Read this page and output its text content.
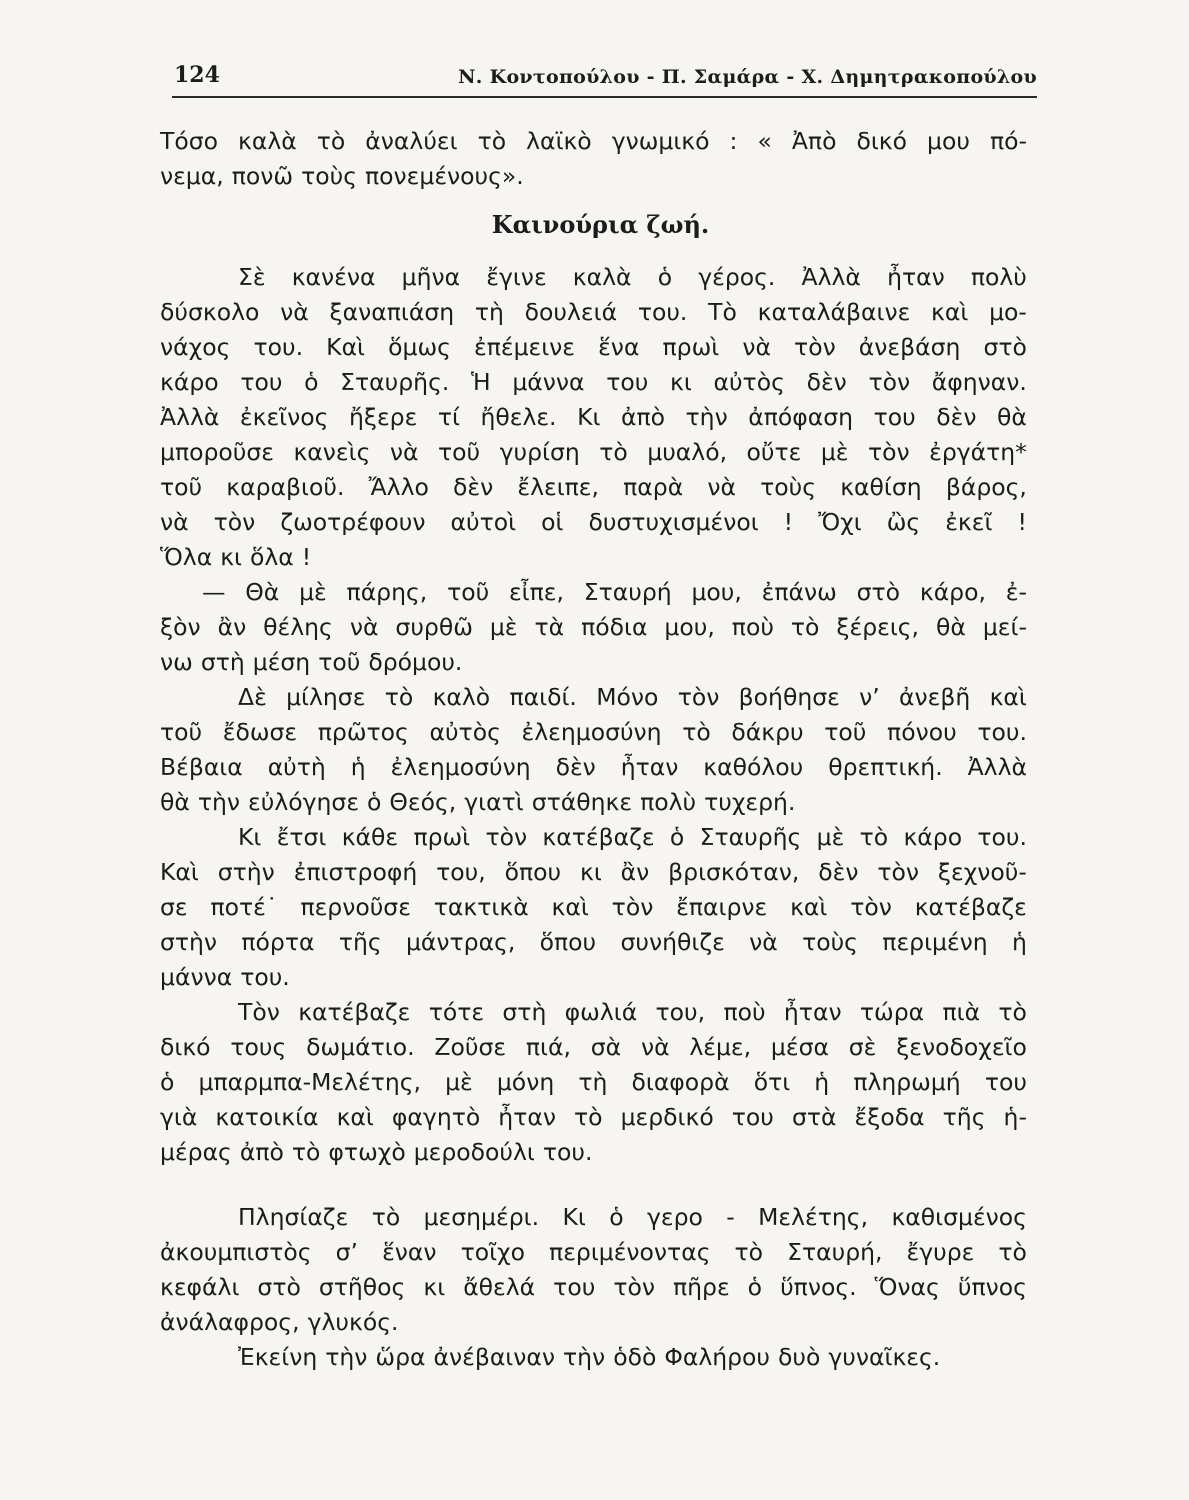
124	Ν. Κοντοπούλου - Π. Σαμάρα - Χ. Δημητρακοπούλου
Τόσο καλὰ τὸ ἀναλύει τὸ λαϊκὸ γνωμικό : « Ἀπὸ δικό μου πό-
νεμα, πονῶ τοὺς πονεμένους».
Καινούρια ζωή.
Σὲ κανένα μῆνα ἔγινε καλὰ ὁ γέρος. Ἀλλὰ ἦταν πολὺ
δύσκολο νὰ ξαναπιάση τὴ δουλειά του. Τὸ καταλάβαινε καὶ μο-
νάχος του. Καὶ ὅμως ἐπέμεινε ἕνα πρωὶ νὰ τὸν ἀνεβάση στὸ
κάρο του ὁ Σταυρῆς. Ἡ μάννα του κι αὐτὸς δὲν τὸν ἄφηναν.
Ἀλλὰ ἐκεῖνος ἤξερε τί ἤθελε. Κι ἀπὸ τὴν ἀπόφαση του δὲν θὰ
μποροῦσε κανεὶς νὰ τοῦ γυρίση τὸ μυαλό, οὔτε μὲ τὸν ἐργάτη*
τοῦ καραβιοῦ. Ἄλλο δὲν ἔλειπε, παρὰ νὰ τοὺς καθίση βάρος,
νὰ τὸν ζωοτρέφουν αὐτοὶ οἱ δυστυχισμένοι ! Ὄχι ὢς ἐκεῖ !
Ὅλα κι ὅλα !
— Θὰ μὲ πάρης, τοῦ εἶπε, Σταυρή μου, ἐπάνω στὸ κάρο, ἐ-
ξὸν ἂν θέλης νὰ συρθῶ μὲ τὰ πόδια μου, ποὺ τὸ ξέρεις, θὰ μεί-
νω στὴ μέση τοῦ δρόμου.
Δὲ μίλησε τὸ καλὸ παιδί. Μόνο τὸν βοήθησε ν’ ἀνεβῆ καὶ
τοῦ ἔδωσε πρῶτος αὐτὸς ἐλεημοσύνη τὸ δάκρυ τοῦ πόνου του.
Βέβαια αὐτὴ ἡ ἐλεημοσύνη δὲν ἦταν καθόλου θρεπτική. Ἀλλὰ
θὰ τὴν εὐλόγησε ὁ Θεός, γιατὶ στάθηκε πολὺ τυχερή.
Κι ἔτσι κάθε πρωὶ τὸν κατέβαζε ὁ Σταυρῆς μὲ τὸ κάρο του.
Καὶ στὴν ἐπιστροφή του, ὅπου κι ἂν βρισκόταν, δὲν τὸν ξεχνοῦ-
σε ποτέ˙ περνοῦσε τακτικὰ καὶ τὸν ἔπαιρνε καὶ τὸν κατέβαζε
στὴν πόρτα τῆς μάντρας, ὅπου συνήθιζε νὰ τοὺς περιμένη ἡ
μάννα του.
Τὸν κατέβαζε τότε στὴ φωλιά του, ποὺ ἦταν τώρα πιὰ τὸ
δικό τους δωμάτιο. Ζοῦσε πιά, σὰ νὰ λέμε, μέσα σὲ ξενοδοχεῖο
ὁ μπαρμπα-Μελέτης, μὲ μόνη τὴ διαφορὰ ὅτι ἡ πληρωμή του
γιὰ κατοικία καὶ φαγητὸ ἦταν τὸ μερδικό του στὰ ἔξοδα τῆς ἡ-
μέρας ἀπὸ τὸ φτωχὸ μεροδούλι του.
Πλησίαζε τὸ μεσημέρι. Κι ὁ γερο - Μελέτης, καθισμένος
ἀκουμπιστὸς σ’ ἕναν τοῖχο περιμένοντας τὸ Σταυρή, ἔγυρε τὸ
κεφάλι στὸ στῆθος κι ἄθελά του τὸν πῆρε ὁ ὕπνος. Ὅνας ὕπνος
ἀνάλαφρος, γλυκός.
Ἐκείνη τὴν ὥρα ἀνέβαιναν τὴν ὁδὸ Φαλήρου δυὸ γυναῖκες.
